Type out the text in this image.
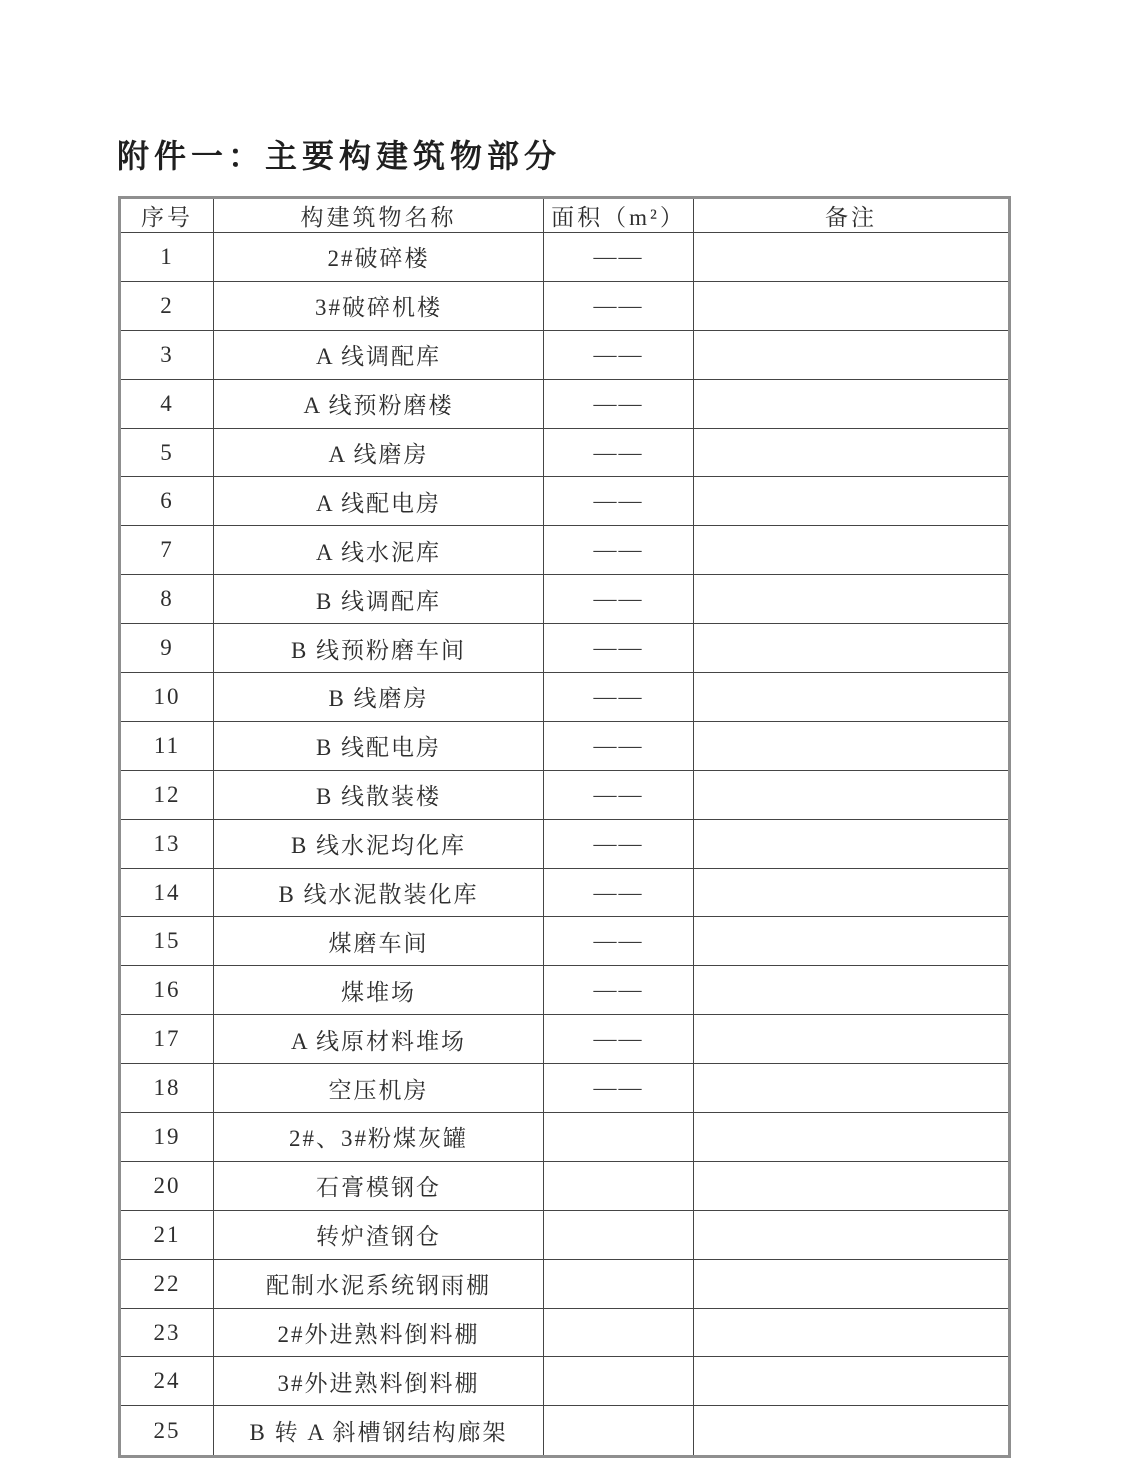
附件一：主要构建筑物部分
序号	构建筑物名称	面积（m²）	备注
1	2#破碎楼	——	
2	3#破碎机楼	——	
3	A 线调配库	——	
4	A 线预粉磨楼	——	
5	A 线磨房	——	
6	A 线配电房	——	
7	A 线水泥库	——	
8	B 线调配库	——	
9	B 线预粉磨车间	——	
10	B 线磨房	——	
11	B 线配电房	——	
12	B 线散装楼	——	
13	B 线水泥均化库	——	
14	B 线水泥散装化库	——	
15	煤磨车间	——	
16	煤堆场	——	
17	A 线原材料堆场	——	
18	空压机房	——	
19	2#、3#粉煤灰罐		
20	石膏模钢仓		
21	转炉渣钢仓		
22	配制水泥系统钢雨棚		
23	2#外进熟料倒料棚		
24	3#外进熟料倒料棚		
25	B 转 A 斜槽钢结构廊架		
